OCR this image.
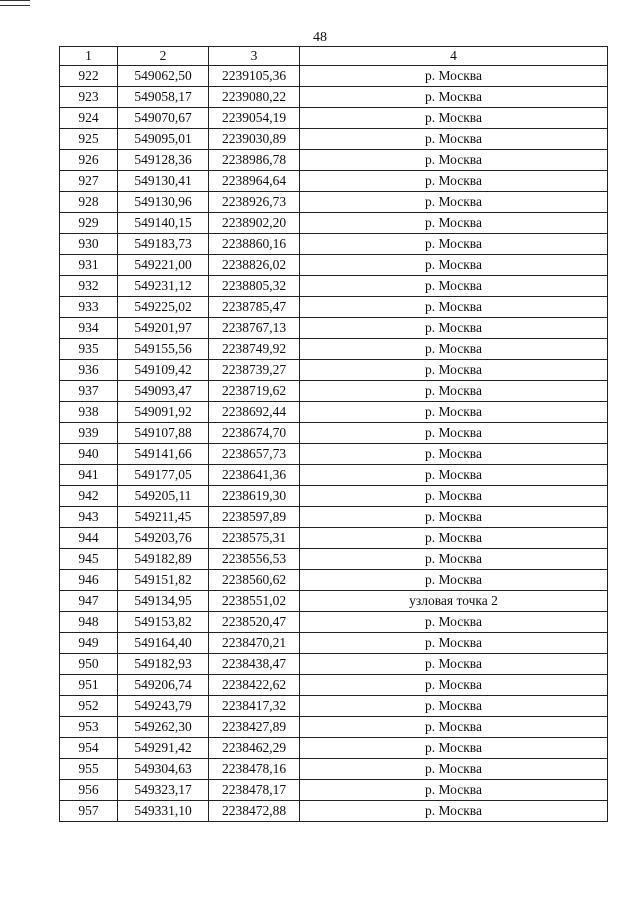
48
1	2	3	4
922	549062,50	2239105,36	р. Москва
923	549058,17	2239080,22	р. Москва
924	549070,67	2239054,19	р. Москва
925	549095,01	2239030,89	р. Москва
926	549128,36	2238986,78	р. Москва
927	549130,41	2238964,64	р. Москва
928	549130,96	2238926,73	р. Москва
929	549140,15	2238902,20	р. Москва
930	549183,73	2238860,16	р. Москва
931	549221,00	2238826,02	р. Москва
932	549231,12	2238805,32	р. Москва
933	549225,02	2238785,47	р. Москва
934	549201,97	2238767,13	р. Москва
935	549155,56	2238749,92	р. Москва
936	549109,42	2238739,27	р. Москва
937	549093,47	2238719,62	р. Москва
938	549091,92	2238692,44	р. Москва
939	549107,88	2238674,70	р. Москва
940	549141,66	2238657,73	р. Москва
941	549177,05	2238641,36	р. Москва
942	549205,11	2238619,30	р. Москва
943	549211,45	2238597,89	р. Москва
944	549203,76	2238575,31	р. Москва
945	549182,89	2238556,53	р. Москва
946	549151,82	2238560,62	р. Москва
947	549134,95	2238551,02	узловая точка 2
948	549153,82	2238520,47	р. Москва
949	549164,40	2238470,21	р. Москва
950	549182,93	2238438,47	р. Москва
951	549206,74	2238422,62	р. Москва
952	549243,79	2238417,32	р. Москва
953	549262,30	2238427,89	р. Москва
954	549291,42	2238462,29	р. Москва
955	549304,63	2238478,16	р. Москва
956	549323,17	2238478,17	р. Москва
957	549331,10	2238472,88	р. Москва
